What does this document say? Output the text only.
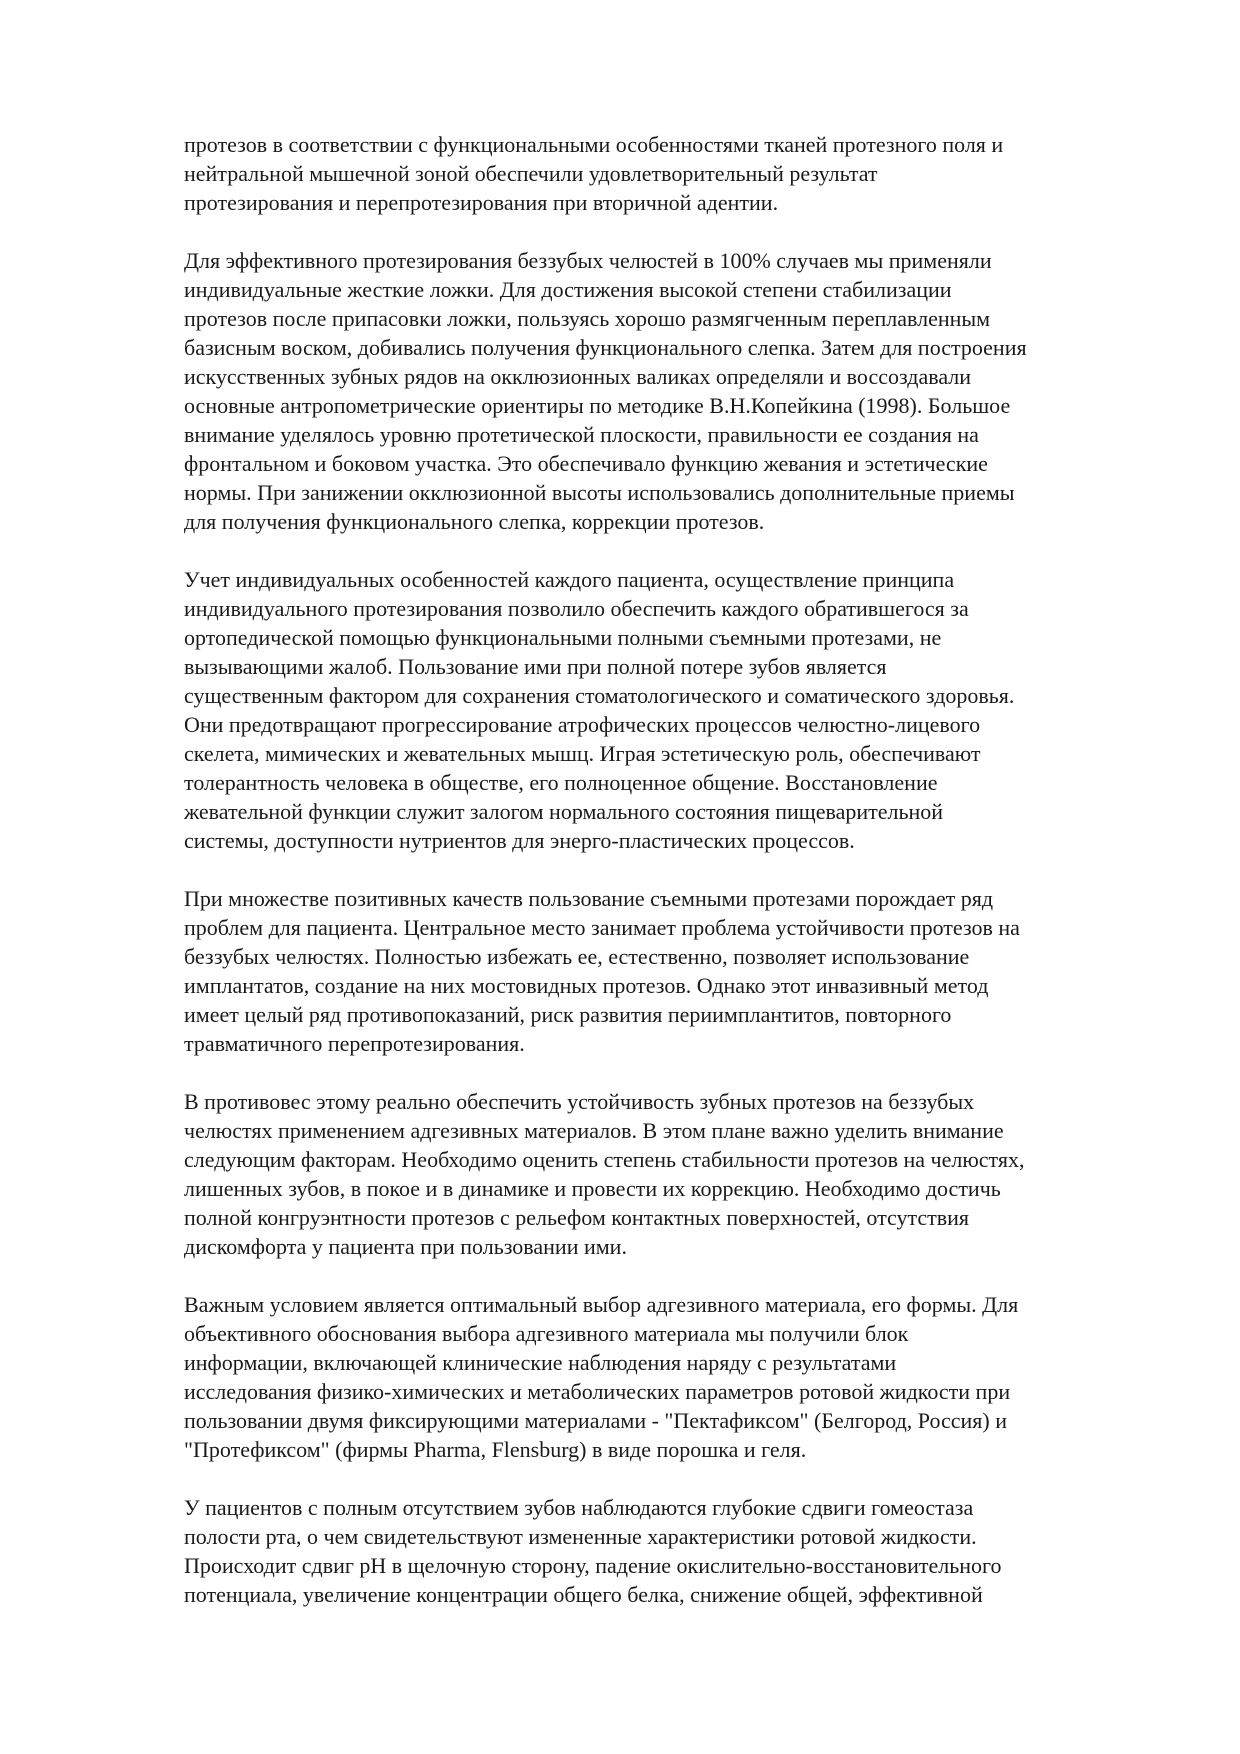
протезов в соответствии с функциональными особенностями тканей протезного поля и
нейтральной мышечной зоной обеспечили удовлетворительный результат
протезирования и перепротезирования при вторичной адентии.

Для эффективного протезирования беззубых челюстей в 100% случаев мы применяли
индивидуальные жесткие ложки. Для достижения высокой степени стабилизации
протезов после припасовки ложки, пользуясь хорошо размягченным переплавленным
базисным воском, добивались получения функционального слепка. Затем для построения
искусственных зубных рядов на окклюзионных валиках определяли и воссоздавали
основные антропометрические ориентиры по методике В.Н.Копейкина (1998). Большое
внимание уделялось уровню протетической плоскости, правильности ее создания на
фронтальном и боковом участка. Это обеспечивало функцию жевания и эстетические
нормы. При занижении окклюзионной высоты использовались дополнительные приемы
для получения функционального слепка, коррекции протезов.

Учет индивидуальных особенностей каждого пациента, осуществление принципа
индивидуального протезирования позволило обеспечить каждого обратившегося за
ортопедической помощью функциональными полными съемными протезами, не
вызывающими жалоб. Пользование ими при полной потере зубов является
существенным фактором для сохранения стоматологического и соматического здоровья.
Они предотвращают прогрессирование атрофических процессов челюстно-лицевого
скелета, мимических и жевательных мышц. Играя эстетическую роль, обеспечивают
толерантность человека в обществе, его полноценное общение. Восстановление
жевательной функции служит залогом нормального состояния пищеварительной
системы, доступности нутриентов для энерго-пластических процессов.

При множестве позитивных качеств пользование съемными протезами порождает ряд
проблем для пациента. Центральное место занимает проблема устойчивости протезов на
беззубых челюстях. Полностью избежать ее, естественно, позволяет использование
имплантатов, создание на них мостовидных протезов. Однако этот инвазивный метод
имеет целый ряд противопоказаний, риск развития периимплантитов, повторного
травматичного перепротезирования.

В противовес этому реально обеспечить устойчивость зубных протезов на беззубых
челюстях применением адгезивных материалов. В этом плане важно уделить внимание
следующим факторам. Необходимо оценить степень стабильности протезов на челюстях,
лишенных зубов, в покое и в динамике и провести их коррекцию. Необходимо достичь
полной конгруэнтности протезов с рельефом контактных поверхностей, отсутствия
дискомфорта у пациента при пользовании ими.

Важным условием является оптимальный выбор адгезивного материала, его формы. Для
объективного обоснования выбора адгезивного материала мы получили блок
информации, включающей клинические наблюдения наряду с результатами
исследования физико-химических и метаболических параметров ротовой жидкости при
пользовании двумя фиксирующими материалами - "Пектафиксом" (Белгород, Россия) и
"Протефиксом" (фирмы Pharma, Flensburg) в виде порошка и геля.

У пациентов с полным отсутствием зубов наблюдаются глубокие сдвиги гомеостаза
полости рта, о чем свидетельствуют измененные характеристики ротовой жидкости.
Происходит сдвиг pH в щелочную сторону, падение окислительно-восстановительного
потенциала, увеличение концентрации общего белка, снижение общей, эффективной
